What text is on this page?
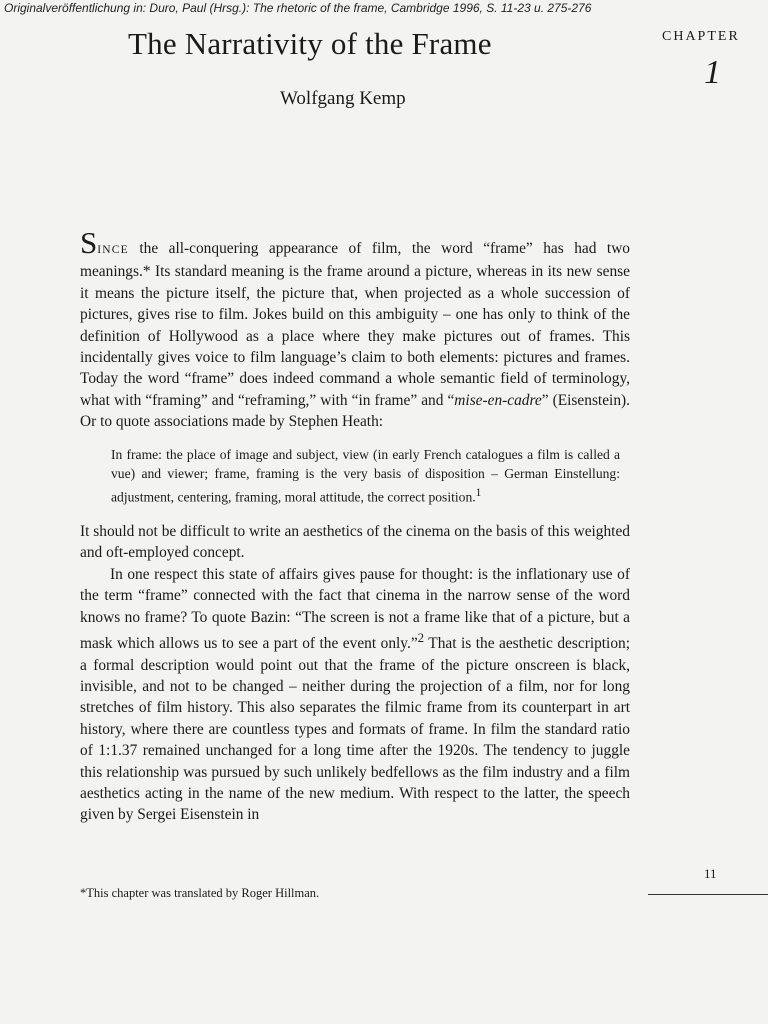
Originalveröffentlichung in: Duro, Paul (Hrsg.): The rhetoric of the frame, Cambridge 1996, S. 11-23 u. 275-276
The Narrativity of the Frame	CHAPTER
1
Wolfgang Kemp

SINCE the all-conquering appearance of film, the word “frame” has had two meanings.* Its standard meaning is the frame around a picture, whereas in its new sense it means the picture itself, the picture that, when projected as a whole succession of pictures, gives rise to film. Jokes build on this ambiguity – one has only to think of the definition of Hollywood as a place where they make pictures out of frames. This incidentally gives voice to film language’s claim to both elements: pictures and frames. Today the word “frame” does indeed command a whole semantic field of terminology, what with “framing” and “reframing,” with “in frame” and “mise-en-cadre” (Eisenstein). Or to quote associations made by Stephen Heath:

In frame: the place of image and subject, view (in early French catalogues a film is called a vue) and viewer; frame, framing is the very basis of disposition – German Einstellung: adjustment, centering, framing, moral attitude, the correct position.$^1$

It should not be difficult to write an aesthetics of the cinema on the basis of this weighted and oft-employed concept.

In one respect this state of affairs gives pause for thought: is the inflationary use of the term “frame” connected with the fact that cinema in the narrow sense of the word knows no frame? To quote Bazin: “The screen is not a frame like that of a picture, but a mask which allows us to see a part of the event only.”$^2$ That is the aesthetic description; a formal description would point out that the frame of the picture onscreen is black, invisible, and not to be changed – neither during the projection of a film, nor for long stretches of film history. This also separates the filmic frame from its counterpart in art history, where there are countless types and formats of frame. In film the standard ratio of 1:1.37 remained unchanged for a long time after the 1920s. The tendency to juggle this relationship was pursued by such unlikely bedfellows as the film industry and a film aesthetics acting in the name of the new medium. With respect to the latter, the speech given by Sergei Eisenstein in

11
*This chapter was translated by Roger Hillman.
